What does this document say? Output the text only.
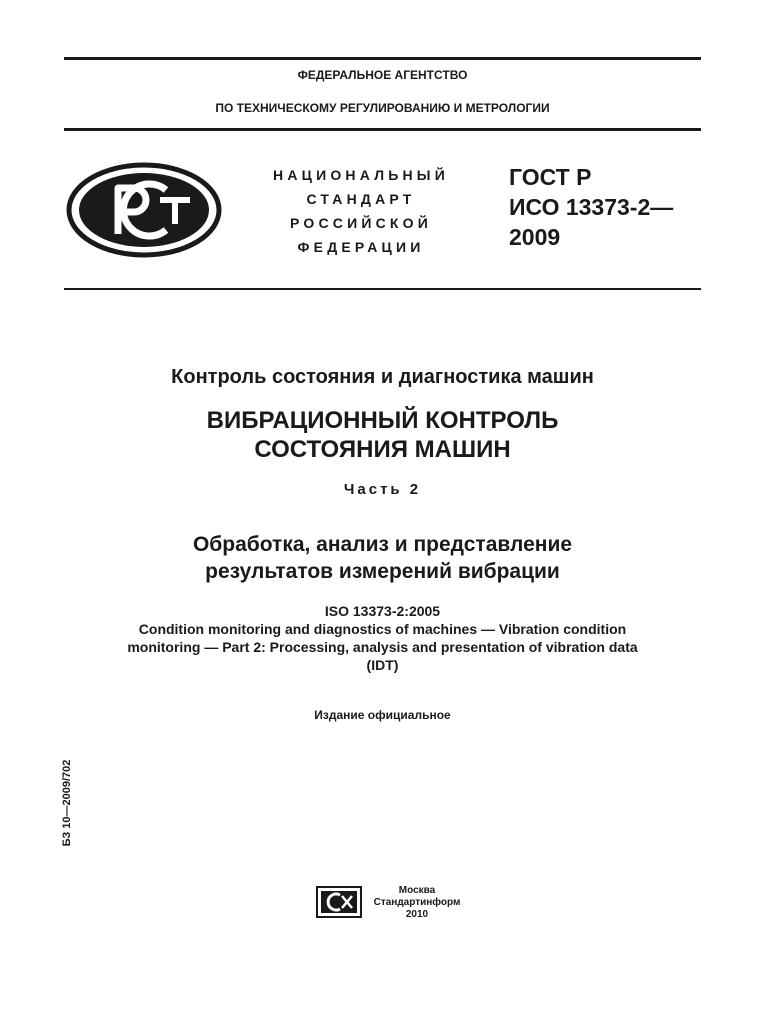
ФЕДЕРАЛЬНОЕ АГЕНТСТВО
ПО ТЕХНИЧЕСКОМУ РЕГУЛИРОВАНИЮ И МЕТРОЛОГИИ
НАЦИОНАЛЬНЫЙ
СТАНДАРТ
РОССИЙСКОЙ
ФЕДЕРАЦИИ
ГОСТ Р
ИСО 13373-2—
2009
Контроль состояния и диагностика машин
ВИБРАЦИОННЫЙ КОНТРОЛЬ
СОСТОЯНИЯ МАШИН
Часть 2
Обработка, анализ и представление
результатов измерений вибрации
ISO 13373-2:2005
Condition monitoring and diagnostics of machines — Vibration condition
monitoring — Part 2: Processing, analysis and presentation of vibration data
(IDT)
Издание официальное
БЗ 10—2009/702
Москва
Стандартинформ
2010
